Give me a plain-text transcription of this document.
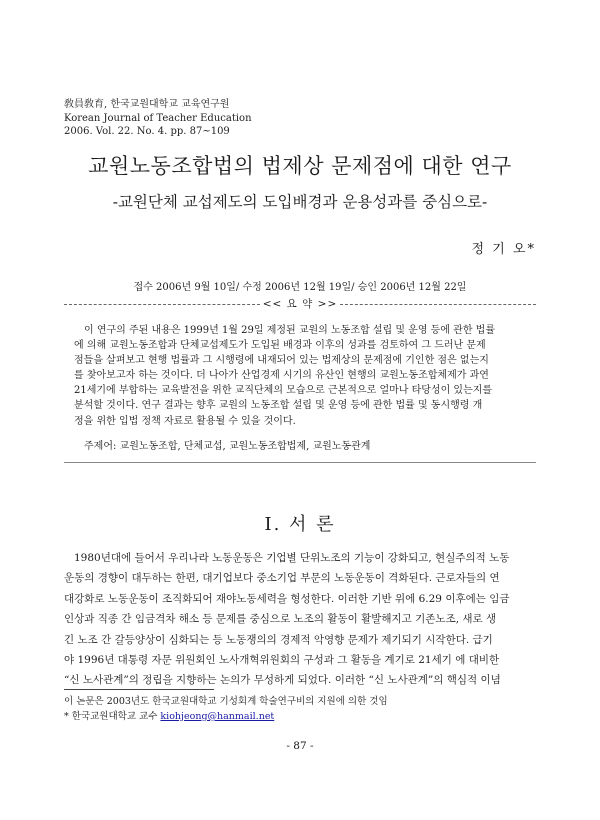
敎員敎育, 한국교원대학교 교육연구원
Korean Journal of Teacher Education
2006. Vol. 22. No. 4. pp. 87~109
교원노동조합법의 법제상 문제점에 대한 연구
-교원단체 교섭제도의 도입배경과 운용성과를 중심으로-
정 기 오*
접수 2006년 9월 10일/ 수정 2006년 12월 19일/ 승인 2006년 12월 22일
<< 요 약 >>
이 연구의 주된 내용은 1999년 1월 29일 제정된 교원의 노동조합 설립 및 운영 등에 관한 법률
에 의해 교원노동조합과 단체교섭제도가 도입된 배경과 이후의 성과를 검토하여 그 드러난 문제
점들을 살펴보고 현행 법률과 그 시행령에 내재되어 있는 법제상의 문제점에 기인한 점은 없는지
를 찾아보고자 하는 것이다. 더 나아가 산업경제 시기의 유산인 현행의 교원노동조합체제가 과연
21세기에 부합하는 교육발전을 위한 교직단체의 모습으로 근본적으로 얼마나 타당성이 있는지를
분석할 것이다. 연구 결과는 향후 교원의 노동조합 설립 및 운영 등에 관한 법률 및 동시행령 개
정을 위한 입법 정책 자료로 활용될 수 있을 것이다.
주제어: 교원노동조합, 단체교섭, 교원노동조합법제, 교원노동관계
Ⅰ. 서 론
1980년대에 들어서 우리나라 노동운동은 기업별 단위노조의 기능이 강화되고, 현실주의적 노동
운동의 경향이 대두하는 한편, 대기업보다 중소기업 부문의 노동운동이 격화된다. 근로자들의 연
대강화로 노동운동이 조직화되어 재야노동세력을 형성한다. 이러한 기반 위에 6.29 이후에는 임금
인상과 직종 간 임금격차 해소 등 문제를 중심으로 노조의 활동이 활발해지고 기존노조, 새로 생
긴 노조 간 갈등양상이 심화되는 등 노동쟁의의 경제적 악영향 문제가 제기되기 시작한다. 급기
야 1996년 대통령 자문 위원회인 노사개혁위원회의 구성과 그 활동을 계기로 21세기 에 대비한
“신 노사관계”의 정립을 지향하는 논의가 무성하게 되었다. 이러한 “신 노사관계”의 핵심적 이념
이 논문은 2003년도 한국교원대학교 기성회계 학술연구비의 지원에 의한 것임
* 한국교원대학교 교수 kiohjeong@hanmail.net
- 87 -
